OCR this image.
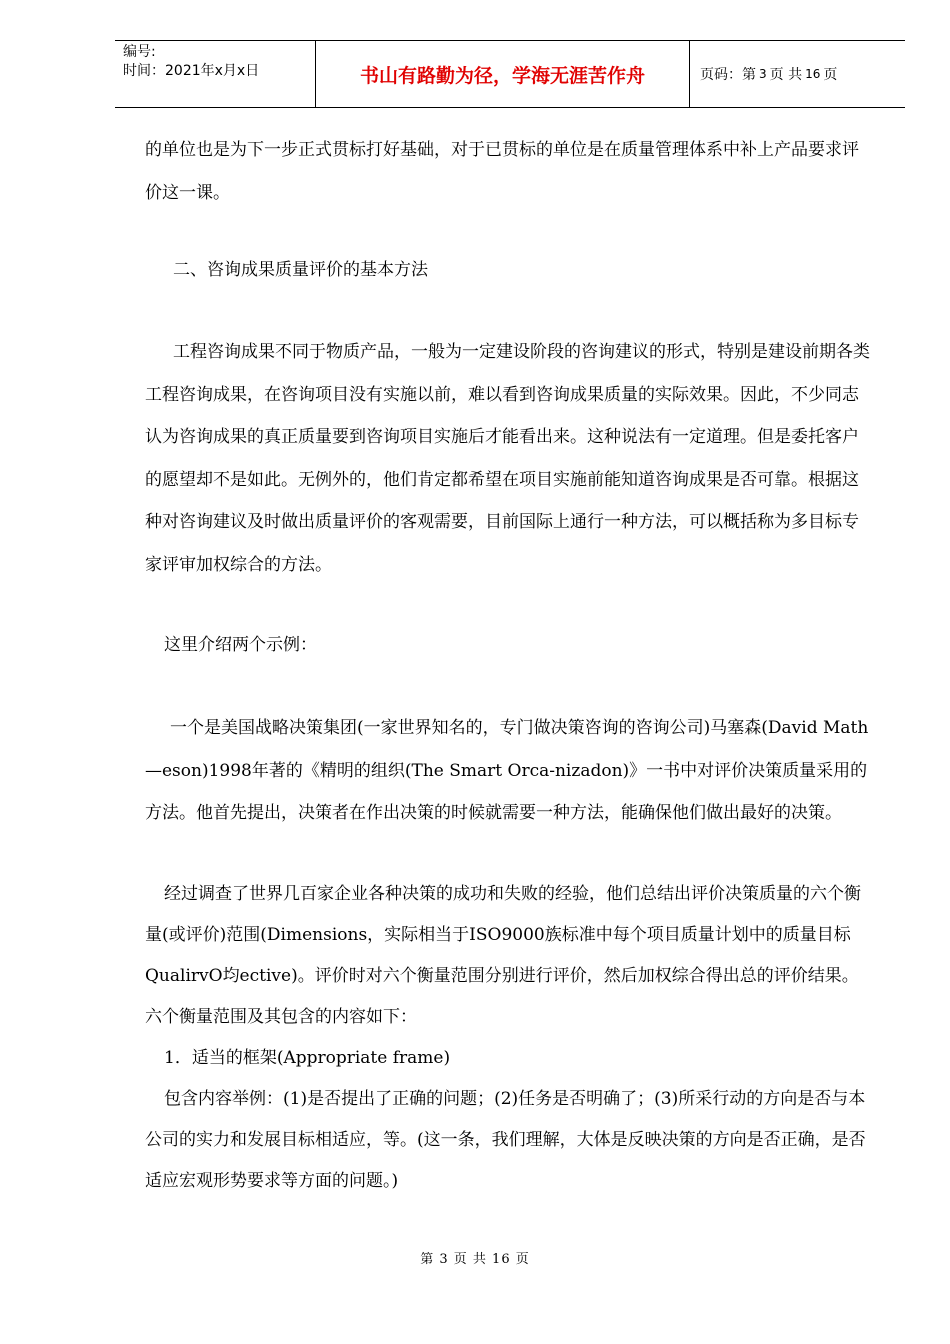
编号:
时间：2021年x月x日	书山有路勤为径，学海无涯苦作舟	页码：第 3 页 共 16 页

的单位也是为下一步正式贯标打好基础，对于已贯标的单位是在质量管理体系中补上产品要求评价这一课。

二、咨询成果质量评价的基本方法

工程咨询成果不同于物质产品，一般为一定建设阶段的咨询建议的形式，特别是建设前期各类工程咨询成果，在咨询项目没有实施以前，难以看到咨询成果质量的实际效果。因此，不少同志认为咨询成果的真正质量要到咨询项目实施后才能看出来。这种说法有一定道理。但是委托客户的愿望却不是如此。无例外的，他们肯定都希望在项目实施前能知道咨询成果是否可靠。根据这种对咨询建议及时做出质量评价的客观需要，目前国际上通行一种方法，可以概括称为多目标专家评审加权综合的方法。

这里介绍两个示例：

一个是美国战略决策集团(一家世界知名的，专门做决策咨询的咨询公司)马塞森(David Math—eson)1998年著的《精明的组织(The Smart Orca-nizadon)》一书中对评价决策质量采用的方法。他首先提出，决策者在作出决策的时候就需要一种方法，能确保他们做出最好的决策。

经过调查了世界几百家企业各种决策的成功和失败的经验，他们总结出评价决策质量的六个衡量(或评价)范围(Dimensions，实际相当于ISO9000族标准中每个项目质量计划中的质量目标QualirvO均ective)。评价时对六个衡量范围分别进行评价，然后加权综合得出总的评价结果。六个衡量范围及其包含的内容如下：

1．适当的框架(Appropriate frame)

包含内容举例：(1)是否提出了正确的问题；(2)任务是否明确了；(3)所采行动的方向是否与本公司的实力和发展目标相适应，等。(这一条，我们理解，大体是反映决策的方向是否正确，是否适应宏观形势要求等方面的问题。)

第 3 页 共 16 页
